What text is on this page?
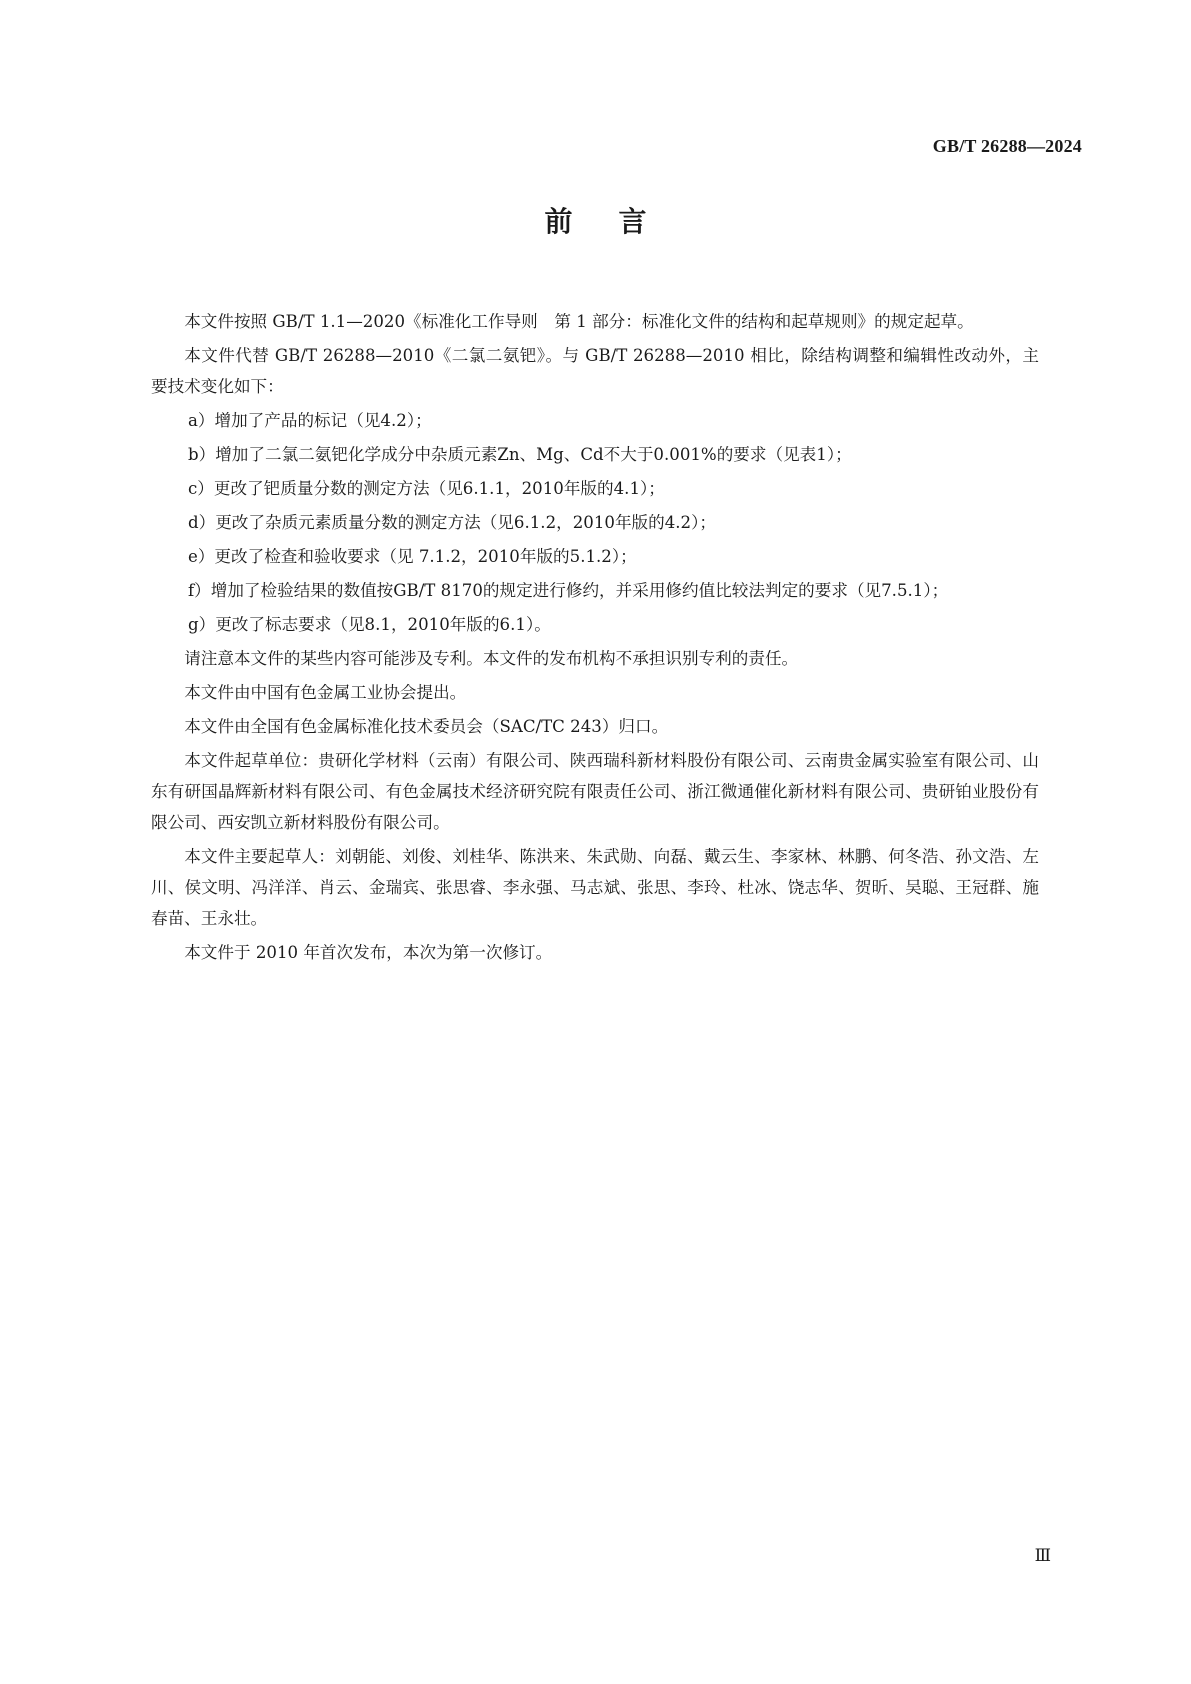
GB/T 26288—2024
前言

本文件按照 GB/T 1.1—2020《标准化工作导则　第 1 部分：标准化文件的结构和起草规则》的规定起草。

本文件代替 GB/T 26288—2010《二氯二氨钯》。与 GB/T 26288—2010 相比，除结构调整和编辑性改动外，主要技术变化如下：

a）增加了产品的标记（见4.2）；

b）增加了二氯二氨钯化学成分中杂质元素Zn、Mg、Cd不大于0.001%的要求（见表1）；

c）更改了钯质量分数的测定方法（见6.1.1，2010年版的4.1）；

d）更改了杂质元素质量分数的测定方法（见6.1.2，2010年版的4.2）；

e）更改了检查和验收要求（见 7.1.2，2010年版的5.1.2）；

f）增加了检验结果的数值按GB/T 8170的规定进行修约，并采用修约值比较法判定的要求（见7.5.1）；

g）更改了标志要求（见8.1，2010年版的6.1）。

请注意本文件的某些内容可能涉及专利。本文件的发布机构不承担识别专利的责任。

本文件由中国有色金属工业协会提出。

本文件由全国有色金属标准化技术委员会（SAC/TC 243）归口。

本文件起草单位：贵研化学材料（云南）有限公司、陕西瑞科新材料股份有限公司、云南贵金属实验室有限公司、山东有研国晶辉新材料有限公司、有色金属技术经济研究院有限责任公司、浙江微通催化新材料有限公司、贵研铂业股份有限公司、西安凯立新材料股份有限公司。

本文件主要起草人：刘朝能、刘俊、刘桂华、陈洪来、朱武勋、向磊、戴云生、李家林、林鹏、何冬浩、孙文浩、左川、侯文明、冯洋洋、肖云、金瑞宾、张思睿、李永强、马志斌、张思、李玲、杜冰、饶志华、贺昕、吴聪、王冠群、施春苗、王永壮。

本文件于 2010 年首次发布，本次为第一次修订。

Ⅲ
